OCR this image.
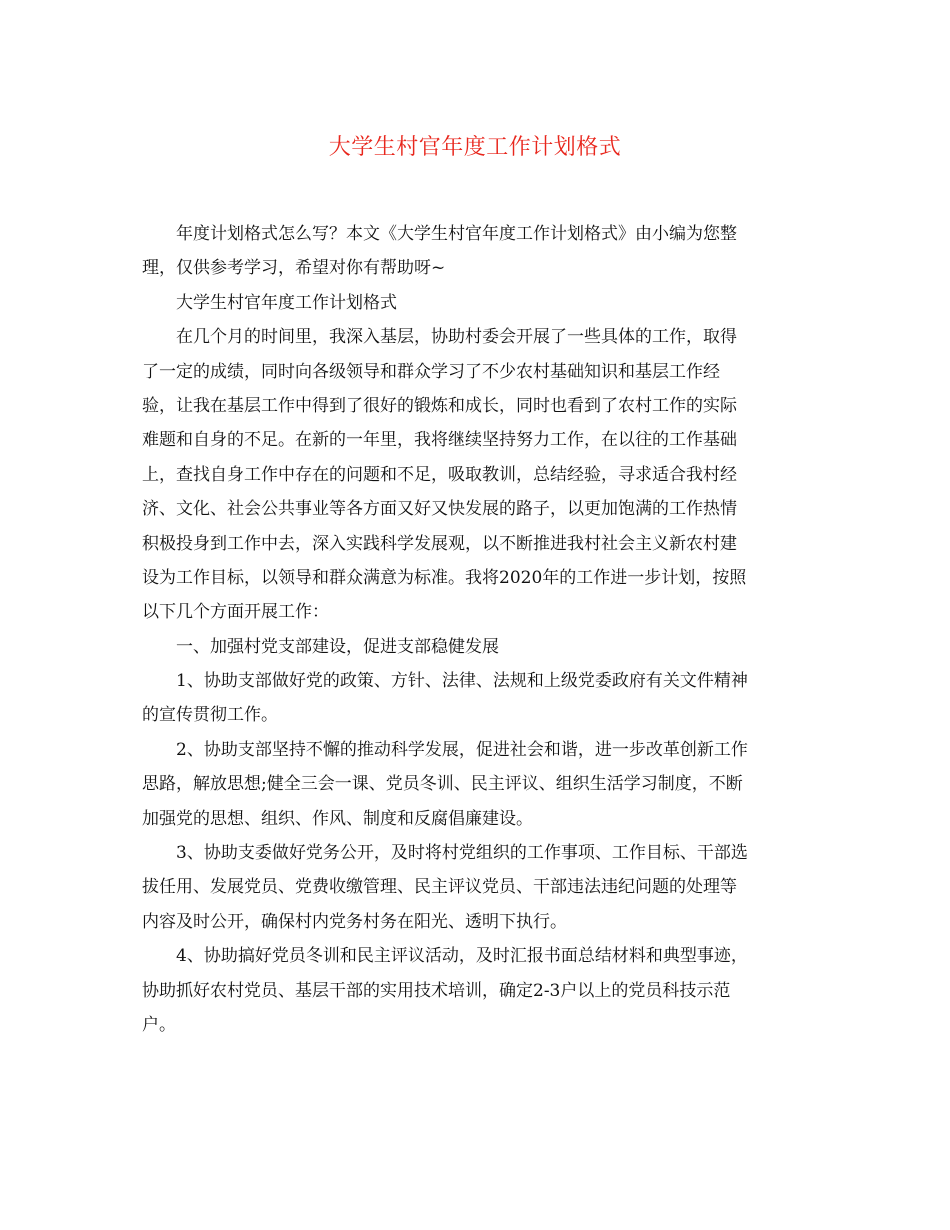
大学生村官年度工作计划格式
　　年度计划格式怎么写？本文《大学生村官年度工作计划格式》由小编为您整
理，仅供参考学习，希望对你有帮助呀~
　　大学生村官年度工作计划格式
　　在几个月的时间里，我深入基层，协助村委会开展了一些具体的工作，取得
了一定的成绩，同时向各级领导和群众学习了不少农村基础知识和基层工作经
验，让我在基层工作中得到了很好的锻炼和成长，同时也看到了农村工作的实际
难题和自身的不足。在新的一年里，我将继续坚持努力工作，在以往的工作基础
上，查找自身工作中存在的问题和不足，吸取教训，总结经验，寻求适合我村经
济、文化、社会公共事业等各方面又好又快发展的路子，以更加饱满的工作热情
积极投身到工作中去，深入实践科学发展观，以不断推进我村社会主义新农村建
设为工作目标，以领导和群众满意为标准。我将2020年的工作进一步计划，按照
以下几个方面开展工作：
　　一、加强村党支部建设，促进支部稳健发展
　　1、协助支部做好党的政策、方针、法律、法规和上级党委政府有关文件精神
的宣传贯彻工作。
　　2、协助支部坚持不懈的推动科学发展，促进社会和谐，进一步改革创新工作
思路，解放思想;健全三会一课、党员冬训、民主评议、组织生活学习制度，不断
加强党的思想、组织、作风、制度和反腐倡廉建设。
　　3、协助支委做好党务公开，及时将村党组织的工作事项、工作目标、干部选
拔任用、发展党员、党费收缴管理、民主评议党员、干部违法违纪问题的处理等
内容及时公开，确保村内党务村务在阳光、透明下执行。
　　4、协助搞好党员冬训和民主评议活动，及时汇报书面总结材料和典型事迹，
协助抓好农村党员、基层干部的实用技术培训，确定2-3户以上的党员科技示范
户。
